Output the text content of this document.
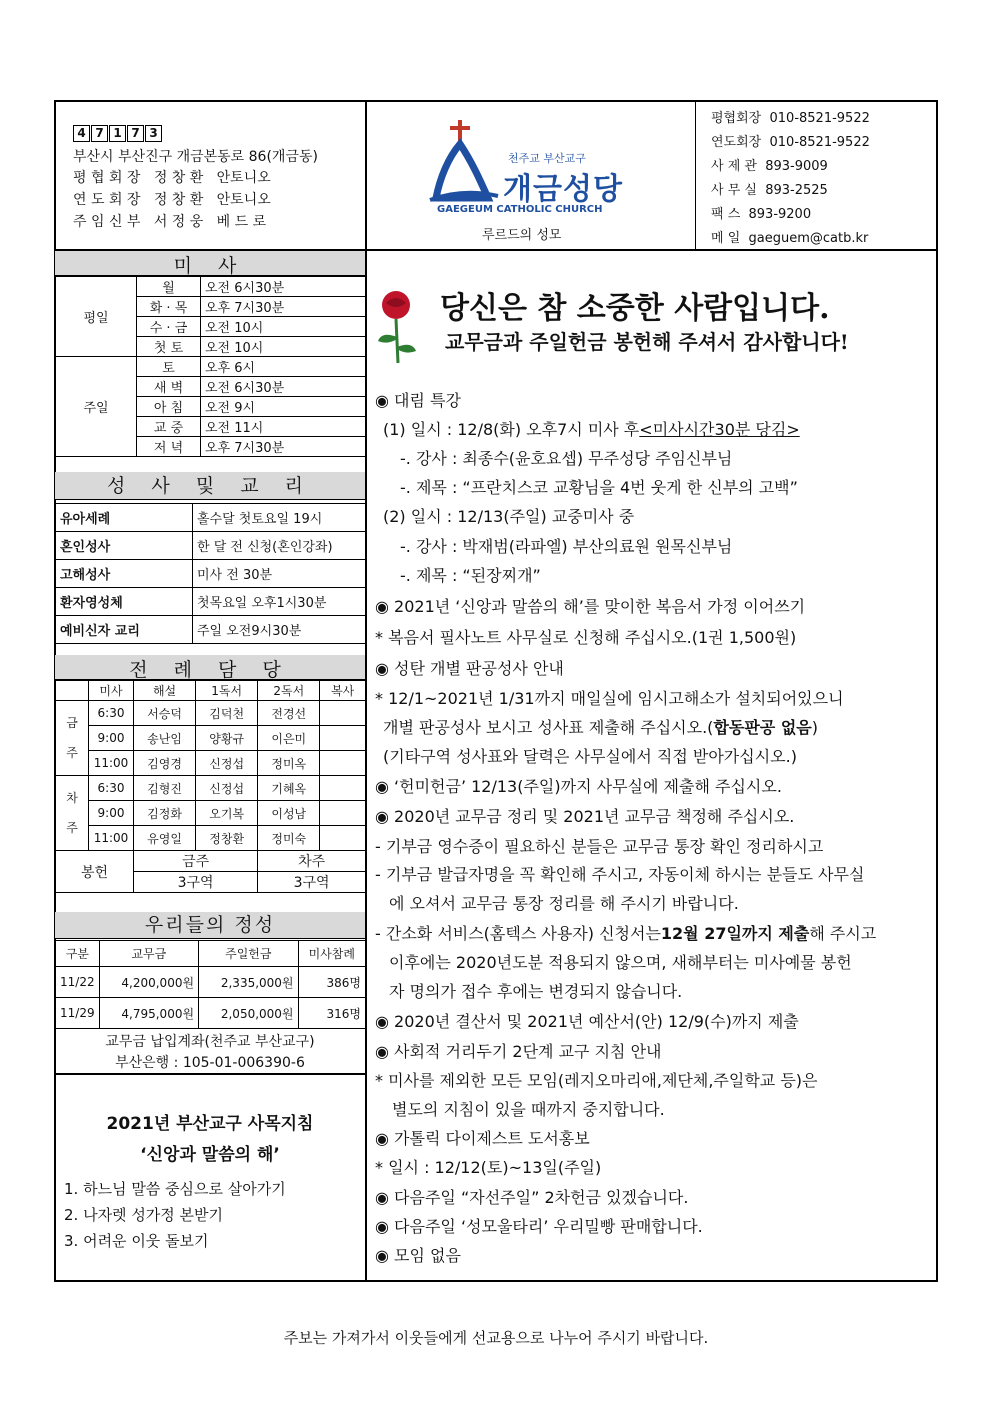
4 7 1 7 3
부산시 부산진구 개금본동로 86(개금동)
평 협 회 장 정 창 환 안토니오
연 도 회 장 정 창 환 안토니오
주 임 신 부 서 정 웅 베 드 로
천주교 부산교구
개금성당
GAEGEUM CATHOLIC CHURCH
루르드의 성모
평협회장 010-8521-9522
연도회장 010-8521-9522
사 제 관 893-9009
사 무 실 893-2525
팩 스 893-9200
메 일 gaeguem@catb.kr
미 사
평일	월	오전 6시30분
	화 · 목	오후 7시30분
	수 · 금	오전 10시
	첫 토	오전 10시
주일	토	오후 6시
	새 벽	오전 6시30분
	아 침	오전 9시
	교 중	오전 11시
	저 녁	오후 7시30분
성 사 및 교 리
유아세례	홀수달 첫토요일 19시
혼인성사	한 달 전 신청(혼인강좌)
고해성사	미사 전 30분
환자영성체	첫목요일 오후1시30분
예비신자 교리	주일 오전9시30분
전 례 담 당
	미사	해설	1독서	2독서	복사
금
주	6:30	서승덕	김덕천	전경선	
	9:00	송난임	양황규	이은미	
	11:00	김영경	신정섭	정미옥	
차
주	6:30	김형진	신정섭	기혜옥	
	9:00	김정화	오기복	이성남	
	11:00	유영일	정창환	정미숙	
봉헌		금주		차주	
		3구역		3구역	
우리들의 정성
구분	교무금	주일헌금	미사참례
11/22	4,200,000원	2,335,000원	386명
11/29	4,795,000원	2,050,000원	316명
교무금 납입계좌(천주교 부산교구)
부산은행 : 105-01-006390-6
2021년 부산교구 사목지침
‘신앙과 말씀의 해’
1. 하느님 말씀 중심으로 살아가기
2. 나자렛 성가정 본받기
3. 어려운 이웃 돌보기
당신은 참 소중한 사람입니다.
교무금과 주일헌금 봉헌해 주셔서 감사합니다!
◉ 대림 특강
(1) 일시 : 12/8(화) 오후7시 미사 후<미사시간30분 당김>
-. 강사 : 최종수(윤호요셉) 무주성당 주임신부님
-. 제목 : “프란치스코 교황님을 4번 웃게 한 신부의 고백”
(2) 일시 : 12/13(주일) 교중미사 중
-. 강사 : 박재범(라파엘) 부산의료원 원목신부님
-. 제목 : “된장찌개”
◉ 2021년 ‘신앙과 말씀의 해’를 맞이한 복음서 가정 이어쓰기
* 복음서 필사노트 사무실로 신청해 주십시오.(1권 1,500원)
◉ 성탄 개별 판공성사 안내
* 12/1~2021년 1/31까지 매일실에 임시고해소가 설치되어있으니
개별 판공성사 보시고 성사표 제출해 주십시오.(합동판공 없음)
(기타구역 성사표와 달력은 사무실에서 직접 받아가십시오.)
◉ ‘헌미헌금’ 12/13(주일)까지 사무실에 제출해 주십시오.
◉ 2020년 교무금 정리 및 2021년 교무금 책정해 주십시오.
- 기부금 영수증이 필요하신 분들은 교무금 통장 확인 정리하시고
- 기부금 발급자명을 꼭 확인해 주시고, 자동이체 하시는 분들도 사무실
에 오셔서 교무금 통장 정리를 해 주시기 바랍니다.
- 간소화 서비스(홈텍스 사용자) 신청서는12월 27일까지 제출해 주시고
이후에는 2020년도분 적용되지 않으며, 새해부터는 미사예물 봉헌
자 명의가 접수 후에는 변경되지 않습니다.
◉ 2020년 결산서 및 2021년 예산서(안) 12/9(수)까지 제출
◉ 사회적 거리두기 2단계 교구 지침 안내
* 미사를 제외한 모든 모임(레지오마리애,제단체,주일학교 등)은
별도의 지침이 있을 때까지 중지합니다.
◉ 가톨릭 다이제스트 도서홍보
* 일시 : 12/12(토)~13일(주일)
◉ 다음주일 “자선주일” 2차헌금 있겠습니다.
◉ 다음주일 ‘성모울타리’ 우리밀빵 판매합니다.
◉ 모임 없음
주보는 가져가서 이웃들에게 선교용으로 나누어 주시기 바랍니다.
